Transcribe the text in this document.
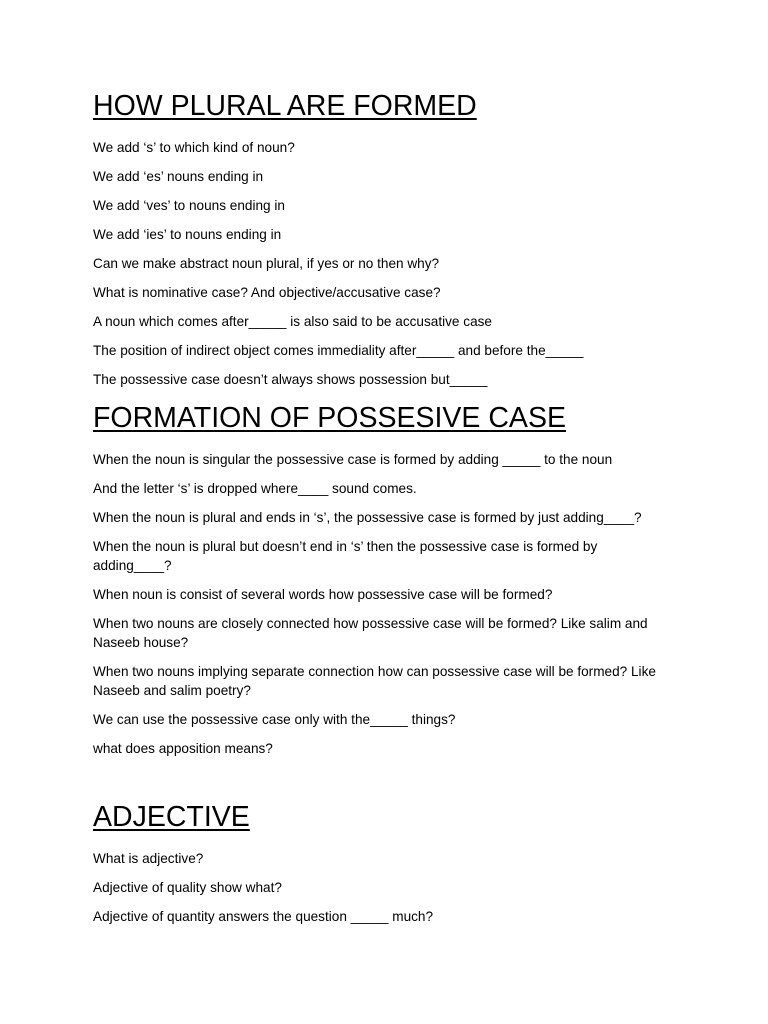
HOW PLURAL ARE FORMED

We add ‘s’ to which kind of noun?

We add ‘es’ nouns ending in

We add ‘ves’ to nouns ending in

We add ‘ies’ to nouns ending in

Can we make abstract noun plural, if yes or no then why?

What is nominative case? And objective/accusative case?

A noun which comes after_____ is also said to be accusative case

The position of indirect object comes immediality after_____ and before the_____

The possessive case doesn’t always shows possession but_____

FORMATION OF POSSESIVE CASE

When the noun is singular the possessive case is formed by adding _____ to the noun

And the letter ‘s’ is dropped where____ sound comes.

When the noun is plural and ends in ‘s’, the possessive case is formed by just adding____?

When the noun is plural but doesn’t end in ‘s’ then the possessive case is formed by adding____?

When noun is consist of several words how possessive case will be formed?

When two nouns are closely connected how possessive case will be formed? Like salim and Naseeb house?

When two nouns implying separate connection how can possessive case will be formed? Like Naseeb and salim poetry?

We can use the possessive case only with the_____ things?

what does apposition means?

ADJECTIVE

What is adjective?

Adjective of quality show what?

Adjective of quantity answers the question _____ much?
